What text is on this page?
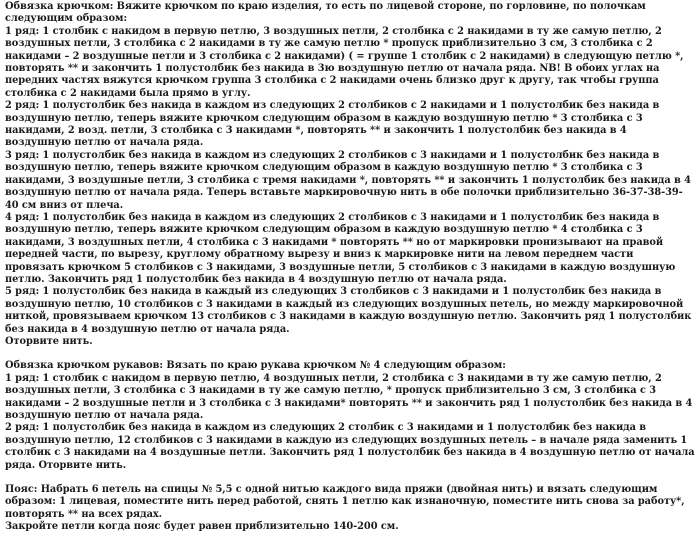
Обвязка крючком: Вяжите крючком по краю изделия, то есть по лицевой стороне, по горловине, по полочкам следующим образом:

1 ряд: 1 столбик с накидом в первую петлю, 3 воздушных петли, 2 столбика с 2 накидами в ту же самую петлю, 2 воздушных петли, 3 столбика с 2 накидами в ту же самую петлю * пропуск приблизительно 3 см, 3 столбика с 2 накидами – 2 воздушные петли и 3 столбика с 2 накидами) ( = группе 1 столбик с 2 накидами) в следующую петлю *, повторять ** и закончить 1 полустолбик без накида в 3ю воздушную петлю от начала ряда. NB! В обоих углах на передних частях вяжутся крючком группа 3 столбика с 2 накидами очень близко друг к другу, так чтобы группа столбика с 2 накидами была прямо в углу.

2 ряд: 1 полустолбик без накида в каждом из следующих 2 столбиков с 2 накидами и 1 полустолбик без накида в воздушную петлю, теперь вяжите крючком следующим образом в каждую воздушную петлю * 3 столбика с 3 накидами, 2 возд. петли, 3 столбика с 3 накидами *, повторять ** и закончить 1 полустолбик без накида в 4 воздушную петлю от начала ряда.

3 ряд: 1 полустолбик без накида в каждом из следующих 2 столбиков с 3 накидами и 1 полустолбик без накида в воздушную петлю, теперь вяжите крючком следующим образом в каждую воздушную петлю * 3 столбика с 3 накидами, 3 воздушные петли, 3 столбика с тремя накидами *, повторять ** и закончить 1 полустолбик без накида в 4 воздушную петлю от начала ряда. Теперь вставьте маркировочную нить в обе полочки приблизительно 36-37-38-39-40 см вниз от плеча.

4 ряд: 1 полустолбик без накида в каждом из следующих 2 столбиков с 3 накидами и 1 полустолбик без накида в воздушную петлю, теперь вяжите крючком следующим образом в каждую воздушную петлю * 4 столбика с 3 накидами, 3 воздушных петли, 4 столбика с 3 накидами * повторять ** но от маркировки пронизывают на правой передней части, по вырезу, круглому обратному вырезу и вниз к маркировке нити на левом переднем части провязать крючком 5 столбиков с 3 накидами, 3 воздушные петли, 5 столбиков с 3 накидами в каждую воздушную петлю. Закончить ряд 1 полустолбик без накида в 4 воздушную петлю от начала ряда.

5 ряд: 1 полустолбик без накида в каждый из следующих 3 столбиков с 3 накидами и 1 полустолбик без накида в воздушную петлю, 10 столбиков с 3 накидами в каждый из следующих воздушных петель, но между маркировочной ниткой, провязываем крючком 13 столбиков с 3 накидами в каждую воздушную петлю. Закончить ряд 1 полустолбик без накида в 4 воздушную петлю от начала ряда.

Оторвите нить.

Обвязка крючком рукавов: Вязать по краю рукава крючком № 4 следующим образом:

1 ряд: 1 столбик с накидом в первую петлю, 4 воздушных петли, 2 столбика с 3 накидами в ту же самую петлю, 2 воздушных петли, 3 столбика с 3 накидами в ту же самую петлю, * пропуск приблизительно 3 см, 3 столбика с 3 накидами – 2 воздушные петли и 3 столбика с 3 накидами* повторять ** и закончить ряд 1 полустолбик без накида в 4 воздушную петлю от начала ряда.

2 ряд: 1 полустолбик без накида в каждом из следующих 2 столбик с 3 накидами и 1 полустолбик без накида в воздушную петлю, 12 столбиков с 3 накидами в каждую из следующих воздушных петель – в начале ряда заменить 1 столбик с 3 накидами на 4 воздушные петли. Закончить ряд 1 полустолбик без накида в 4 воздушную петлю от начала ряда. Оторвите нить.

Пояс: Набрать 6 петель на спицы № 5,5 с одной нитью каждого вида пряжи (двойная нить) и вязать следующим образом: 1 лицевая, поместите нить перед работой, снять 1 петлю как изнаночную, поместите нить снова за работу*, повторять ** на всех рядах.

Закройте петли когда пояс будет равен приблизительно 140-200 см.
